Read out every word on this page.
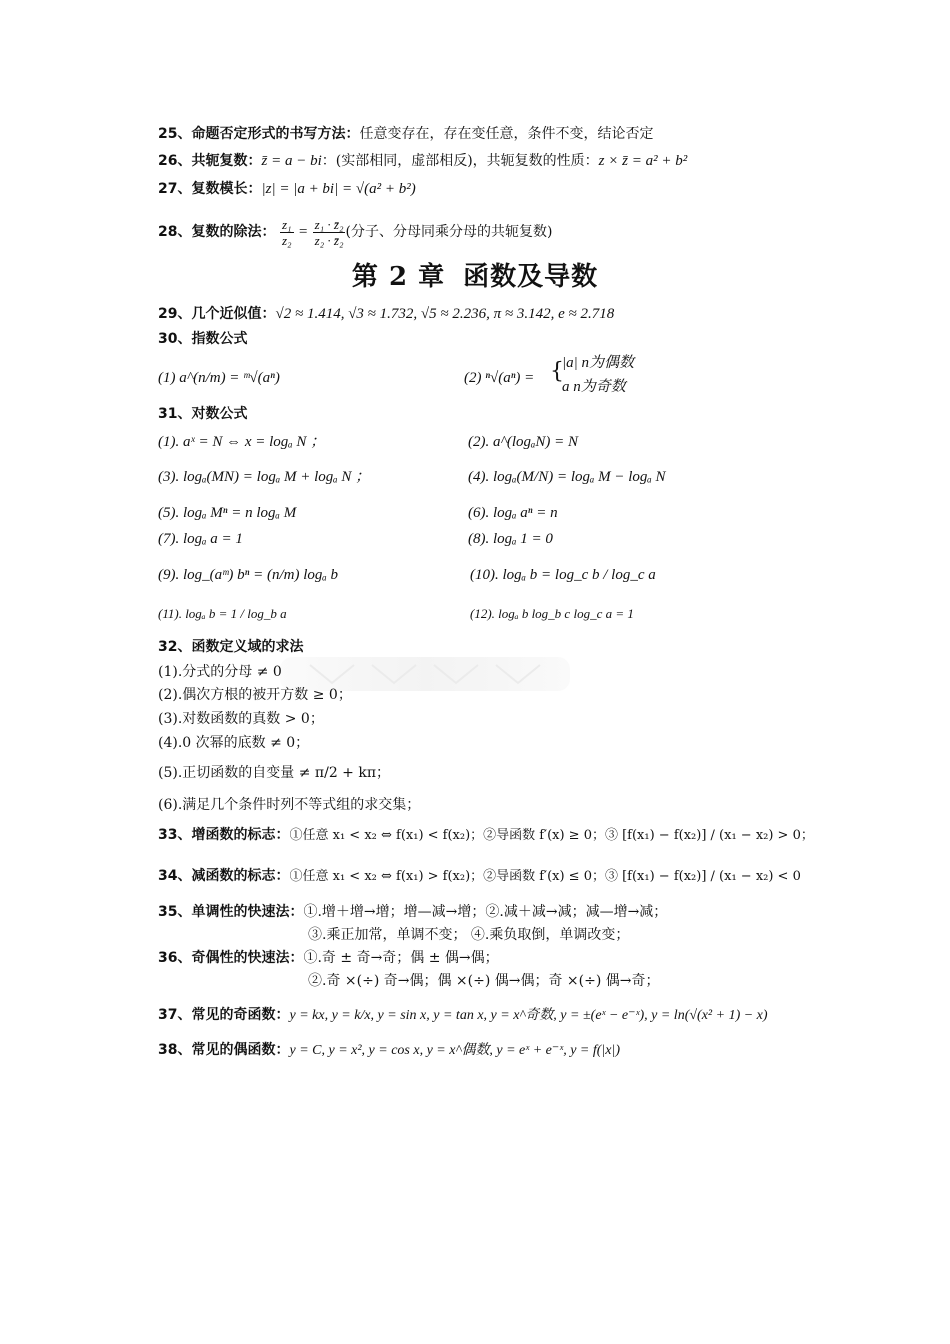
25、命题否定形式的书写方法：任意变存在，存在变任意，条件不变，结论否定
26、共轭复数：z̄ = a − bi：(实部相同，虚部相反)，共轭复数的性质：z × z̄ = a² + b²
27、复数模长：|z| = |a + bi| = √(a² + b²)
28、复数的除法： $\frac{\text{z₁}}{\text{z₂}} = \frac{\text{z₁ · z̄₂}}{\text{z₂ · z̄₂}}$ (分子、分母同乘分母的共轭复数)
第 2 章 函数及导数
29、几个近似值：√2 ≈ 1.414, √3 ≈ 1.732, √5 ≈ 2.236, π ≈ 3.142, e ≈ 2.718
30、指数公式
(1) a^(n/m) = ᵐ√(aⁿ)	(2) ⁿ√(aⁿ) = {
|a| n为偶数
a n为奇数
31、对数公式
(1). aˣ = N ⇔ x = logₐ N ；	(2). a^(logₐN) = N
(3). logₐ(MN) = logₐ M + logₐ N ；	(4). logₐ(M/N) = logₐ M − logₐ N
(5). logₐ Mⁿ = n logₐ M	(6). logₐ aⁿ = n
(7). logₐ a = 1	(8). logₐ 1 = 0
(9). log_(aᵐ) bⁿ = (n/m) logₐ b	(10). logₐ b = log_c b / log_c a
(11). logₐ b = 1 / log_b a	(12). logₐ b log_b c log_c a = 1
32、函数定义域的求法
(1).分式的分母 ≠ 0
(2).偶次方根的被开方数 ≥ 0；
(3).对数函数的真数 > 0；
(4).0 次幂的底数 ≠ 0；
(5).正切函数的自变量 ≠ π/2 + kπ；
(6).满足几个条件时列不等式组的求交集；
33、增函数的标志：①任意 x₁ < x₂ ⇔ f(x₁) < f(x₂)；②导函数 f′(x) ≥ 0；③ [f(x₁) − f(x₂)] / (x₁ − x₂) > 0；
34、减函数的标志：①任意 x₁ < x₂ ⇔ f(x₁) > f(x₂)；②导函数 f′(x) ≤ 0；③ [f(x₁) − f(x₂)] / (x₁ − x₂) < 0
35、单调性的快速法：①.增＋增→增；增—减→增；②.减＋减→减；减—增→减；
③.乘正加常，单调不变； ④.乘负取倒，单调改变；
36、奇偶性的快速法：①.奇 ± 奇→奇；偶 ± 偶→偶；
②.奇 ×(÷) 奇→偶；偶 ×(÷) 偶→偶；奇 ×(÷) 偶→奇；
37、常见的奇函数：y = kx, y = k/x, y = sin x, y = tan x, y = x^奇数, y = ±(eˣ − e⁻ˣ), y = ln(√(x² + 1) − x)
38、常见的偶函数：y = C, y = x², y = cos x, y = x^偶数, y = eˣ + e⁻ˣ, y = f(|x|)
